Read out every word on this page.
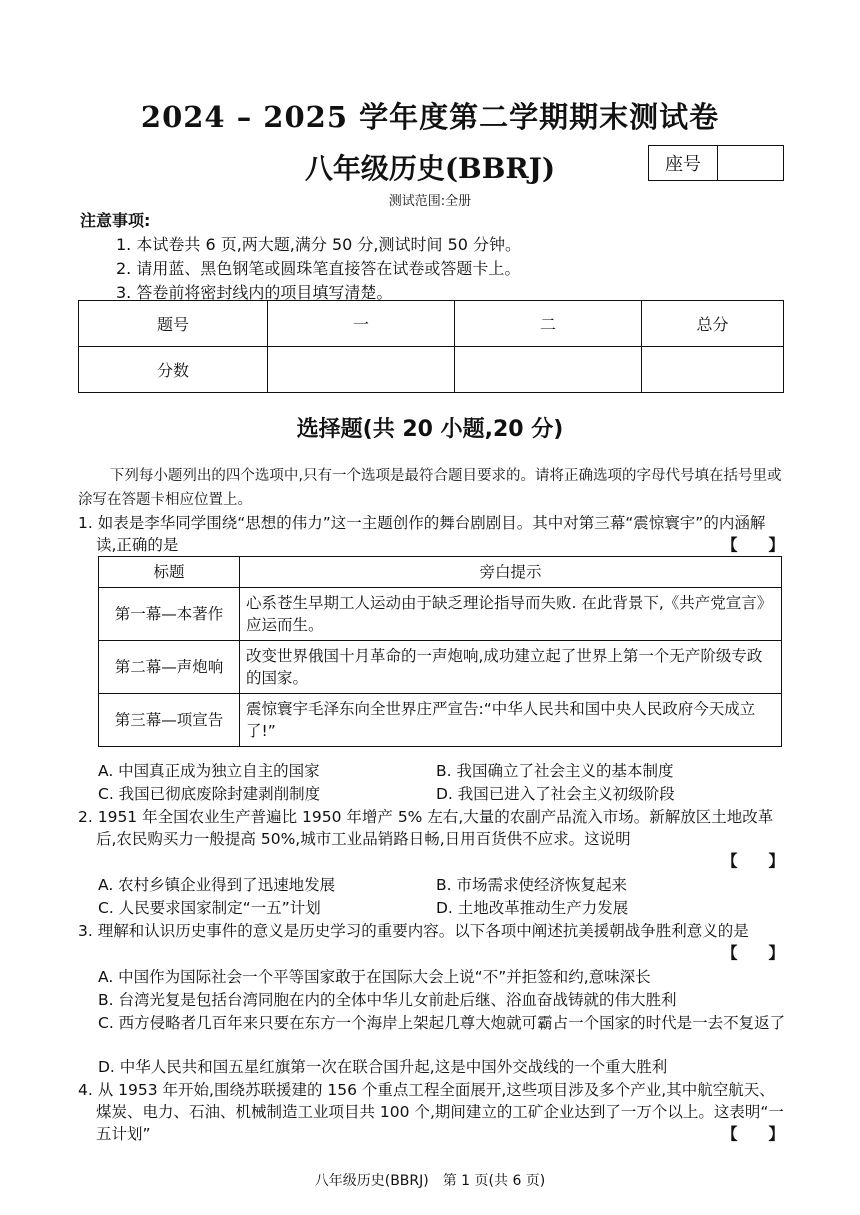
2024 – 2025 学年度第二学期期末测试卷
八年级历史(BBRJ)	座号
测试范围:全册
注意事项:
1. 本试卷共 6 页,两大题,满分 50 分,测试时间 50 分钟。
2. 请用蓝、黑色钢笔或圆珠笔直接答在试卷或答题卡上。
3. 答卷前将密封线内的项目填写清楚。
题号	一	二	总分
分数			
选择题(共 20 小题,20 分)
下列每小题列出的四个选项中,只有一个选项是最符合题目要求的。请将正确选项的字母代号填在括号里或涂写在答题卡相应位置上。
1. 如表是李华同学围绕“思想的伟力”这一主题创作的舞台剧剧目。其中对第三幕“震惊寰宇”的内涵解读,正确的是	【　　】
标题	旁白提示
第一幕—本著作	心系苍生早期工人运动由于缺乏理论指导而失败. 在此背景下,《共产党宣言》应运而生。
第二幕—声炮响	改变世界俄国十月革命的一声炮响,成功建立起了世界上第一个无产阶级专政的国家。
第三幕—项宣告	震惊寰宇毛泽东向全世界庄严宣告:“中华人民共和国中央人民政府今天成立了!”
A. 中国真正成为独立自主的国家	B. 我国确立了社会主义的基本制度
C. 我国已彻底废除封建剥削制度	D. 我国已进入了社会主义初级阶段
2. 1951 年全国农业生产普遍比 1950 年增产 5% 左右,大量的农副产品流入市场。新解放区土地改革后,农民购买力一般提高 50%,城市工业品销路日畅,日用百货供不应求。这说明
【　　】
A. 农村乡镇企业得到了迅速地发展	B. 市场需求使经济恢复起来
C. 人民要求国家制定“一五”计划	D. 土地改革推动生产力发展
3. 理解和认识历史事件的意义是历史学习的重要内容。以下各项中阐述抗美援朝战争胜利意义的是
【　　】
A. 中国作为国际社会一个平等国家敢于在国际大会上说“不”并拒签和约,意味深长
B. 台湾光复是包括台湾同胞在内的全体中华儿女前赴后继、浴血奋战铸就的伟大胜利
C. 西方侵略者几百年来只要在东方一个海岸上架起几尊大炮就可霸占一个国家的时代是一去不复返了
D. 中华人民共和国五星红旗第一次在联合国升起,这是中国外交战线的一个重大胜利
4. 从 1953 年开始,围绕苏联援建的 156 个重点工程全面展开,这些项目涉及多个产业,其中航空航天、煤炭、电力、石油、机械制造工业项目共 100 个,期间建立的工矿企业达到了一万个以上。这表明“一五计划”	【　　】
八年级历史(BBRJ)　第 1 页(共 6 页)
